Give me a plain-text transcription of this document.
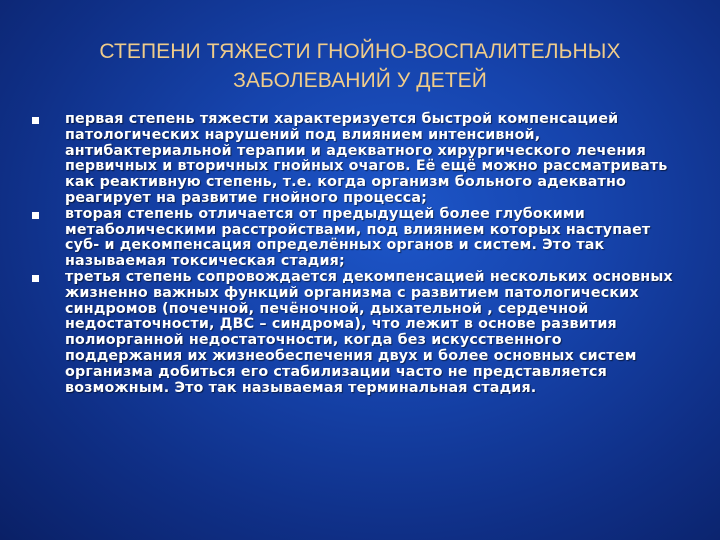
СТЕПЕНИ ТЯЖЕСТИ ГНОЙНО-ВОСПАЛИТЕЛЬНЫХ
ЗАБОЛЕВАНИЙ У ДЕТЕЙ
первая степень тяжести характеризуется быстрой компенсацией патологических нарушений под влиянием интенсивной, антибактериальной терапии и адекватного хирургического лечения первичных и вторичных гнойных очагов. Её ещё можно рассматривать как реактивную степень, т.е. когда организм больного адекватно реагирует на развитие гнойного процесса;
вторая степень отличается от предыдущей более глубокими метаболическими расстройствами, под влиянием которых наступает суб- и декомпенсация определённых органов и систем. Это так называемая токсическая стадия;
третья степень сопровождается декомпенсацией нескольких основных жизненно важных функций организма с развитием патологических синдромов (почечной, печёночной, дыхательной , сердечной недостаточности, ДВС – синдрома), что лежит в основе развития полиорганной недостаточности, когда без искусственного поддержания их жизнеобеспечения двух и более основных систем организма добиться его стабилизации часто не представляется возможным. Это так называемая терминальная стадия.
